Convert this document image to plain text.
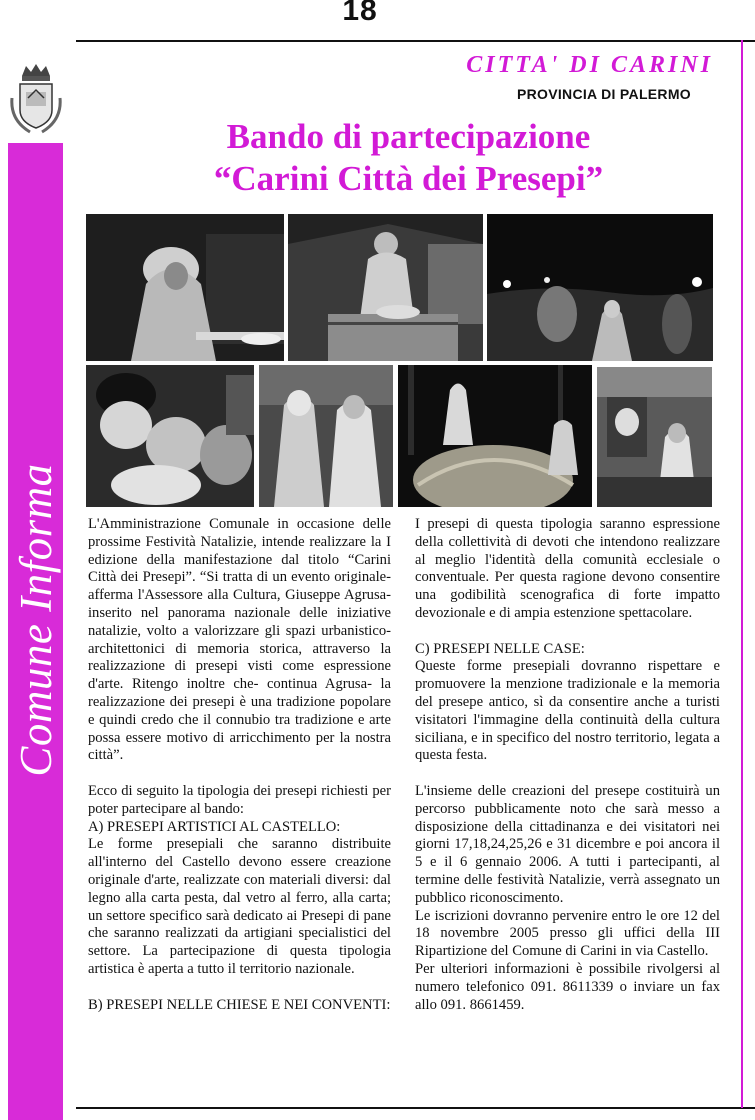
18
Comune Informa
CITTA' DI CARINI
PROVINCIA DI PALERMO
Bando di partecipazione
“Carini Città dei Presepi”

L'Amministrazione Comunale in occasione delle prossime Festività Natalizie, intende realizzare la I edizione della manifestazione dal titolo “Carini Città dei Presepi”. “Si tratta di un evento originale- afferma l'Assessore alla Cultura, Giuseppe Agrusa- inserito nel panorama nazionale delle iniziative natalizie, volto a valorizzare gli spazi urbanistico-architettonici di memoria storica, attraverso la realizzazione di presepi visti come espressione d'arte. Ritengo inoltre che- continua Agrusa- la realizzazione dei presepi è una tradizione popolare e quindi credo che il connubio tra tradizione e arte possa essere motivo di arricchimento per la nostra città”.

Ecco di seguito la tipologia dei presepi richiesti per poter partecipare al bando:

A) PRESEPI ARTISTICI AL CASTELLO:

Le forme presepiali che saranno distribuite all'interno del Castello devono essere creazione originale d'arte, realizzate con materiali diversi: dal legno alla carta pesta, dal vetro al ferro, alla carta; un settore specifico sarà dedicato ai Presepi di pane che saranno realizzati da artigiani specialistici del settore. La partecipazione di questa tipologia artistica è aperta a tutto il territorio nazionale.

B) PRESEPI NELLE CHIESE E NEI CONVENTI:

I presepi di questa tipologia saranno espressione della collettività di devoti che intendono realizzare al meglio l'identità della comunità ecclesiale o conventuale. Per questa ragione devono consentire una godibilità scenografica di forte impatto devozionale e di ampia estenzione spettacolare.

C) PRESEPI NELLE CASE:

Queste forme presepiali dovranno rispettare e promuovere la menzione tradizionale e la memoria del presepe antico, sì da consentire anche a turisti visitatori l'immagine della continuità della cultura siciliana, e in specifico del nostro territorio, legata a questa festa.

L'insieme delle creazioni del presepe costituirà un percorso pubblicamente noto che sarà messo a disposizione della cittadinanza e dei visitatori nei giorni 17,18,24,25,26 e 31 dicembre e poi ancora il 5 e il 6 gennaio 2006. A tutti i partecipanti, al termine delle festività Natalizie, verrà assegnato un pubblico riconoscimento.

Le iscrizioni dovranno pervenire entro le ore 12 del 18 novembre 2005 presso gli uffici della III Ripartizione del Comune di Carini in via Castello.

Per ulteriori informazioni è possibile rivolgersi al numero telefonico 091. 8611339 o inviare un fax allo 091. 8661459.
